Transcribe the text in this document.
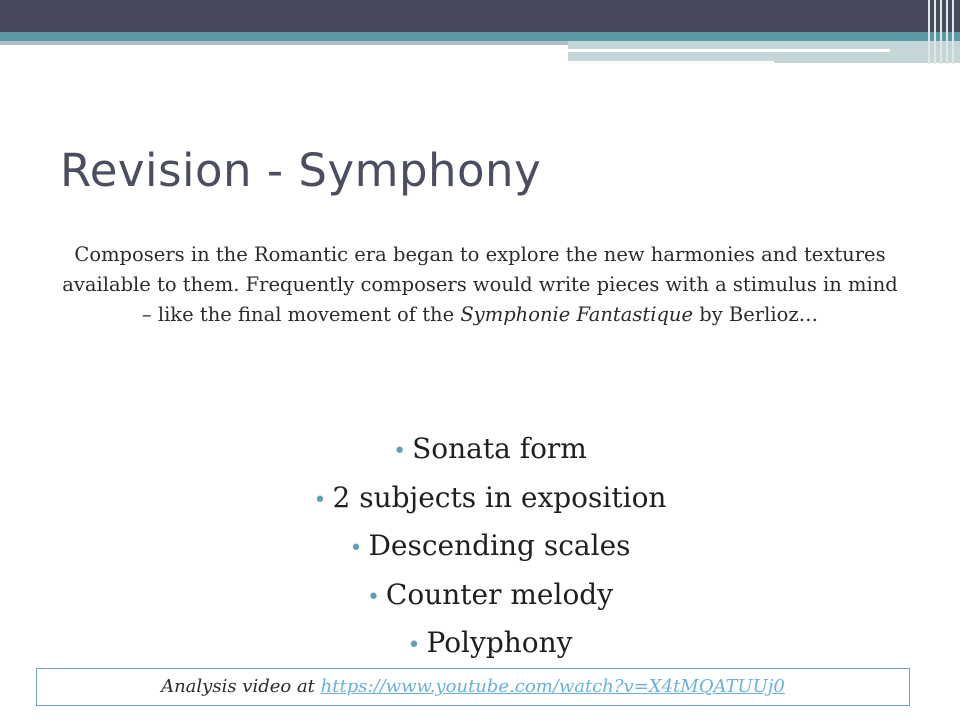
Revision - Symphony

Composers in the Romantic era began to explore the new harmonies and textures available to them. Frequently composers would write pieces with a stimulus in mind – like the final movement of the Symphonie Fantastique by Berlioz…

• Sonata form
• 2 subjects in exposition
• Descending scales
• Counter melody
• Polyphony
Analysis video at https://www.youtube.com/watch?v=X4tMQATUUj0
